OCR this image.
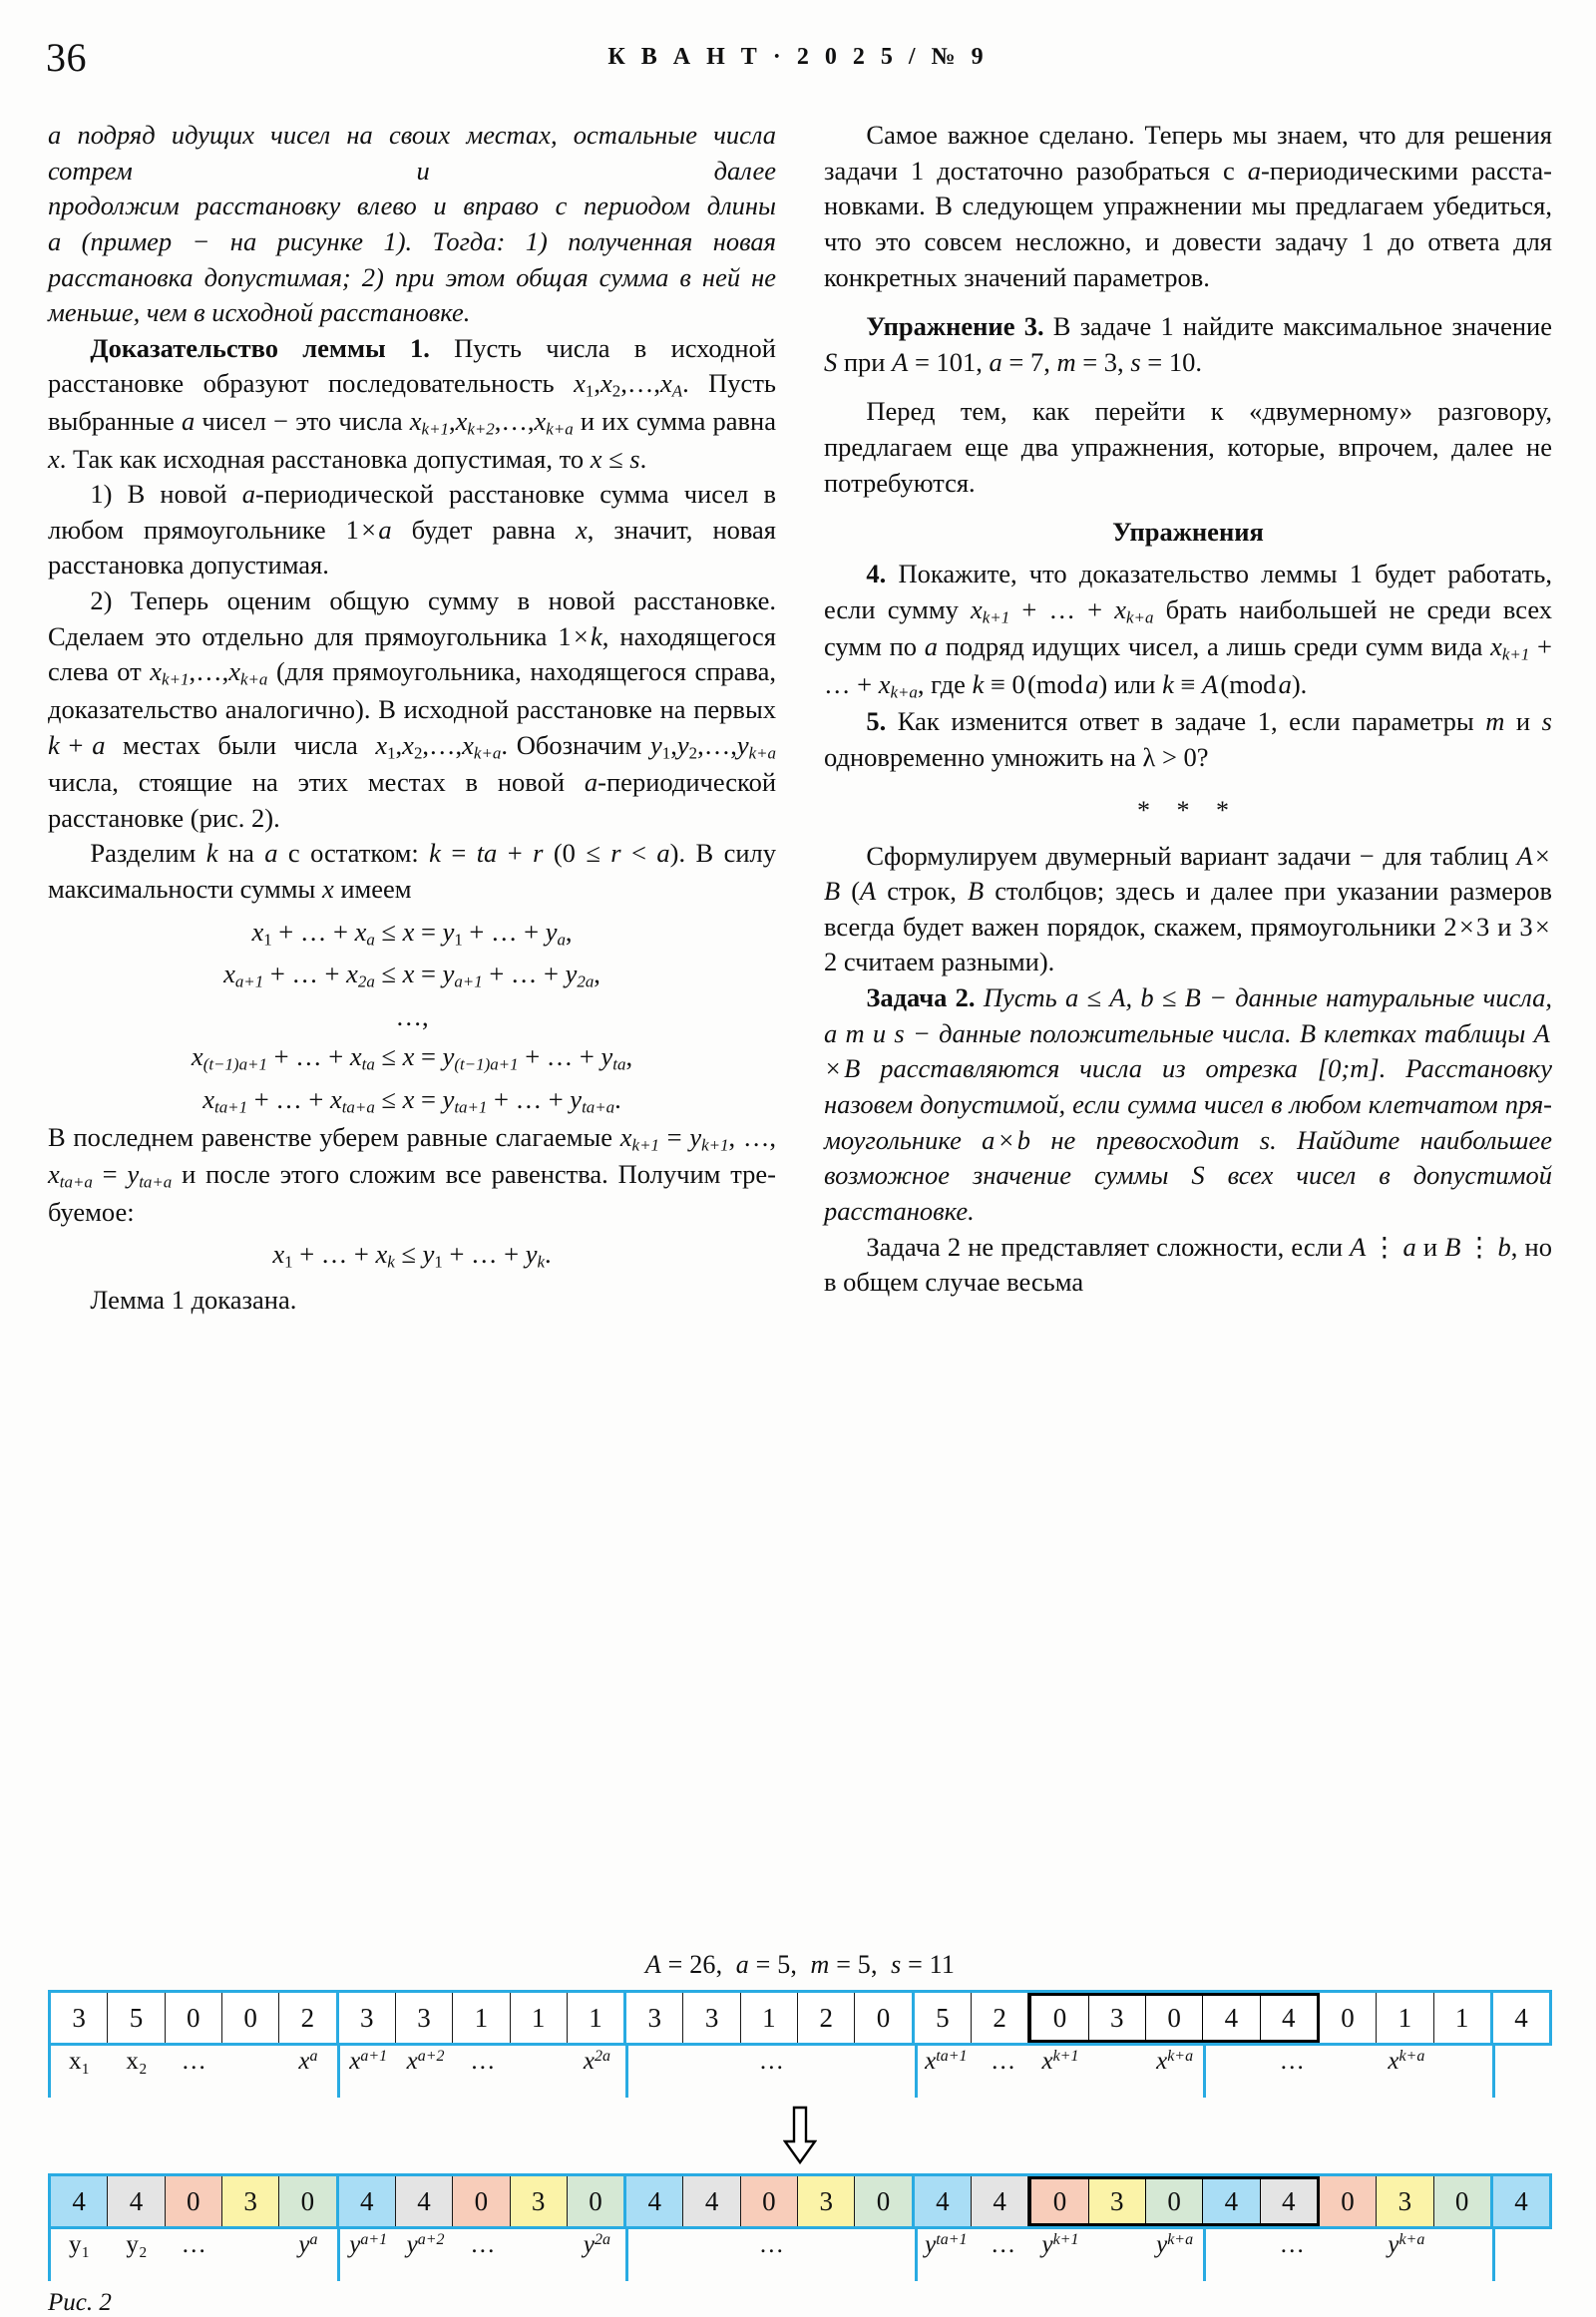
36	К В А Н Т · 2 0 2 5 / № 9

a подряд идущих чисел на своих местах, остальные числа сотрем и далее продолжим расстановку влево и вправо с периодом длины a (пример − на рисунке 1). Тогда: 1) полученная новая расстановка допустимая; 2) при этом общая сумма в ней не меньше, чем в исходной расстановке.

Доказательство леммы 1. Пусть числа в исходной расстановке образуют последовательность $x_1,x_2,\dots,x_A$. Пусть выбранные a чисел − это числа $x_{k+1},x_{k+2},\dots,x_{k+a}$ и их сумма равна x. Так как исходная расстановка допустимая, то x ≤ s.

1) В новой a-периодической расстановке сумма чисел в любом прямоугольнике 1 × a будет равна x, значит, новая расстановка допустимая.

2) Теперь оценим общую сумму в новой расстановке. Сделаем это отдельно для прямоугольника 1 × k, находящегося слева от $x_{k+1},\dots,x_{k+a}$ (для прямоугольника, находящегося справа, доказательство аналогично). В исходной расстановке на первых k + a  местах  были  числа  $x_1,x_2,\dots,x_{k+a}$. Обозначим $y_1,y_2,\dots,y_{k+a}$ числа, стоящие на этих местах в новой a-периодической расстановке (рис. 2).

Разделим k на a с остатком: k = ta + r (0 ≤ r < a). В силу максимальности суммы x имеем

$x_1$ + … + $x_a \le x = y_1$ + … + $y_a$,
$x_{a+1}$ + … + $x_{2a} \le x = y_{a+1}$ + … + $y_{2a}$,
…,
$x_{(t-1)a+1}$ + … + $x_{ta} \le x = y_{(t-1)a+1}$ + … + $y_{ta}$,
$x_{ta+1}$ + … + $x_{ta+a} \le x = y_{ta+1}$ + … + $y_{ta+a}$.

В последнем равенстве уберем равные слагаемые $x_{k+1} = y_{k+1}$, …, $x_{ta+a} = y_{ta+a}$ и после этого сложим все равенства. Получим требуемое:

$x_1$ + … + $x_k \le y_1$ + … + $y_k$.

Лемма 1 доказана.

Самое важное сделано. Теперь мы знаем, что для решения задачи 1 достаточно разобраться с a-периодическими расстановками. В следующем упражнении мы предлагаем убедиться, что это совсем несложно, и довести задачу 1 до ответа для конкретных значений параметров.

Упражнение 3. В задаче 1 найдите максимальное значение S при A = 101, a = 7, m = 3, s = 10.

Перед тем, как перейти к «двумерному» разговору, предлагаем еще два упражнения, которые, впрочем, далее не потребуются.

Упражнения

4. Покажите, что доказательство леммы 1 будет работать, если сумму $x_{k+1}$ + … + $x_{k+a}$ брать наибольшей не среди всех сумм по a подряд идущих чисел, а лишь среди сумм вида $x_{k+1}$ + … + $x_{k+a}$, где k ≡ 0 (mod a) или k ≡ A (mod a).

5. Как изменится ответ в задаче 1, если параметры m и s одновременно умножить на λ > 0?

* * *

Сформулируем двумерный вариант задачи − для таблиц A × B (A строк, B столбцов; здесь и далее при указании размеров всегда будет важен порядок, скажем, прямоугольники 2 × 3 и 3 × 2 считаем разными).

Задача 2. Пусть a ≤ A, b ≤ B − данные натуральные числа, a m и s − данные положительные числа. В клетках таблицы A × B расставляются числа из отрезка [0;m]. Расстановку назовем допустимой, если сумма чисел в любом клетчатом прямоугольнике a × b не превосходит s. Найдите наибольшее возможное значение суммы S всех чисел в допустимой расстановке.

Задача 2 не представляет сложности, если A ⋮ a и B ⋮ b, но в общем случае весьма

A = 26,  a = 5,  m = 5,  s = 11
3	5	0	0	2	3	3	1	1	1	3	3	1	2	0	5	2	0	3	0	4	4	0	1	1	4
x₁	x₂	…	$x^a$ $x^{a+1}$ $x^{a+2}$	…	$x^{2a}$	…	$x^{ta+1}$ …	$x^{k+1}$	$x^{k+a}$	…	$x^{k+a}$
4	4	0	3	0	4	4	0	3	0	4	4	0	3	0	4	4	0	3	0	4	4	0	3	0	4
y₁	y₂	…	$y^a$ $y^{a+1}$ $y^{a+2}$	…	$y^{2a}$	…	$y^{ta+1}$ …	$y^{k+1}$	$y^{k+a}$	…	$y^{k+a}$
Рис. 2
